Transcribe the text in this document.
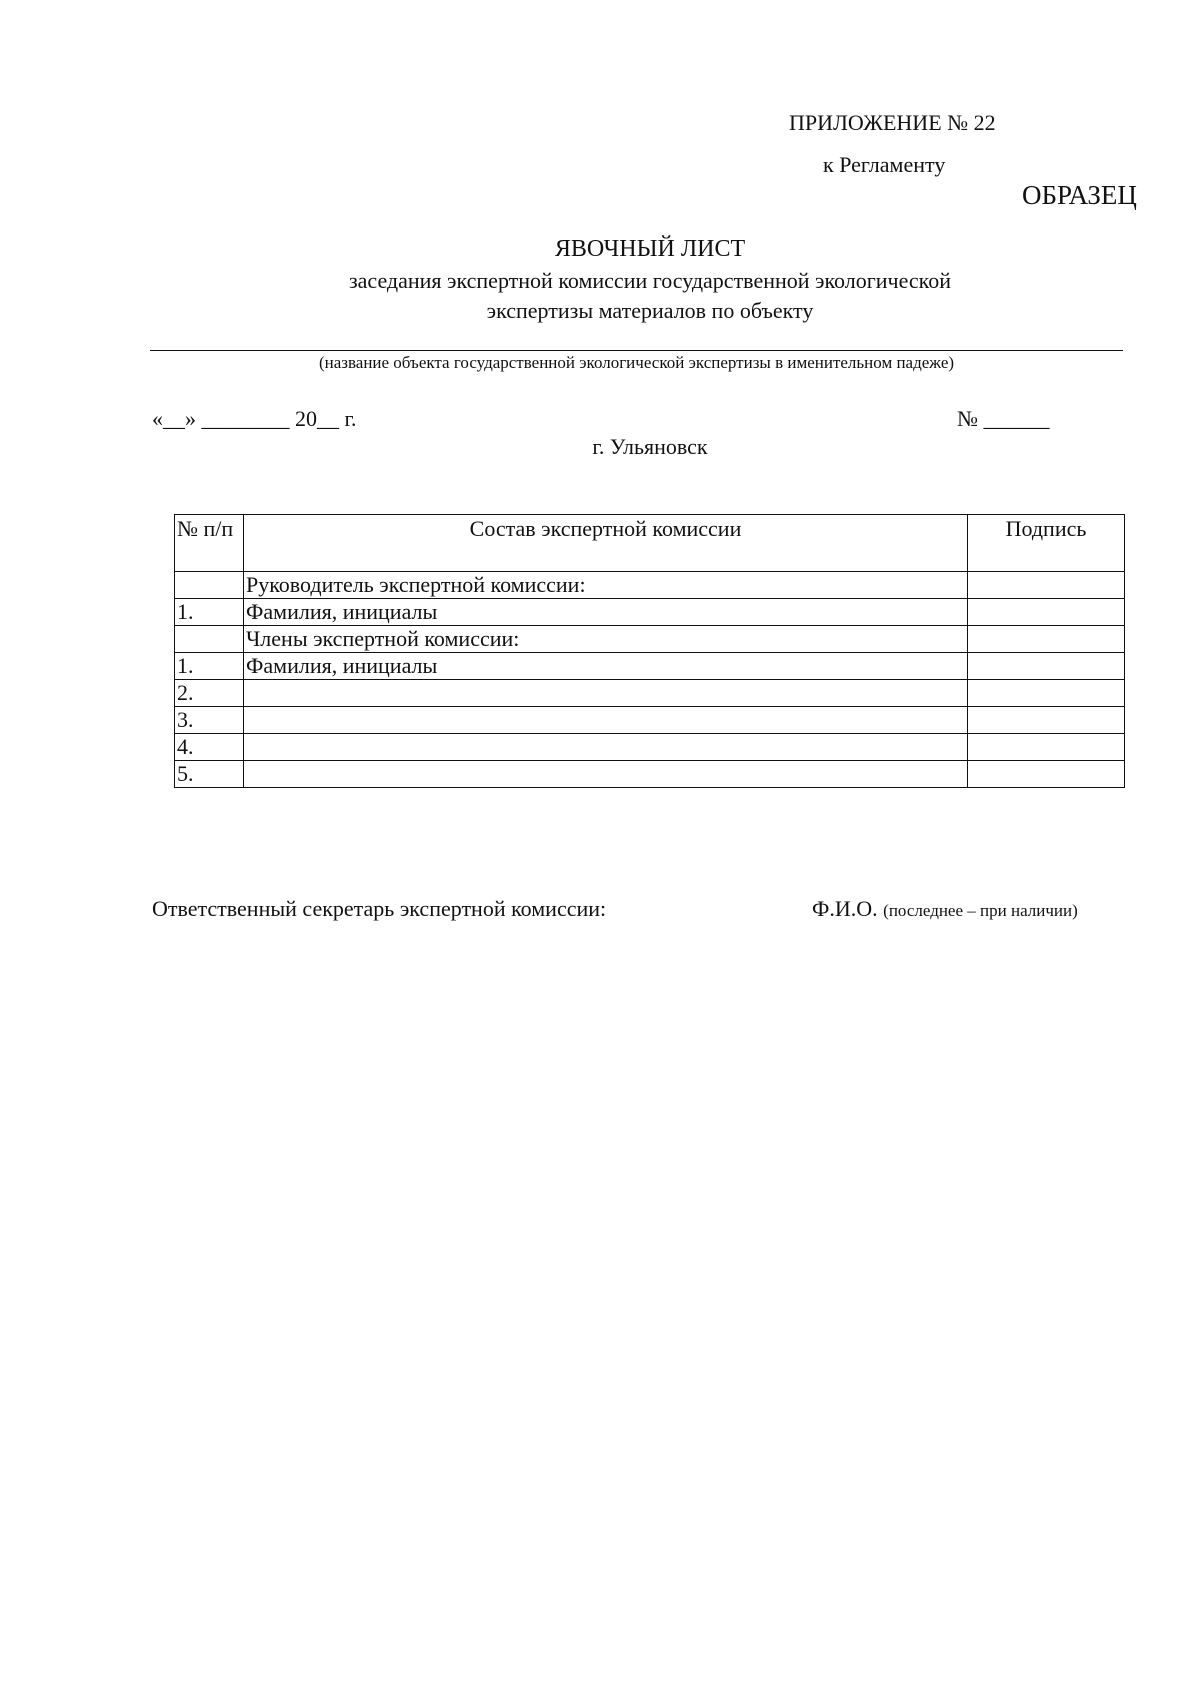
ПРИЛОЖЕНИЕ № 22
к Регламенту
ОБРАЗЕЦ
ЯВОЧНЫЙ ЛИСТ
заседания экспертной комиссии государственной экологической
экспертизы материалов по объекту
(название объекта государственной экологической экспертизы в именительном падеже)
«__» ________ 20__ г.	№ ______
г. Ульяновск
№ п/п	Состав экспертной комиссии	Подпись
	Руководитель экспертной комиссии:	
1.	Фамилия, инициалы	
	Члены экспертной комиссии:	
1.	Фамилия, инициалы	
2.		
3.		
4.		
5.		
Ответственный секретарь экспертной комиссии:	Ф.И.О. (последнее – при наличии)
